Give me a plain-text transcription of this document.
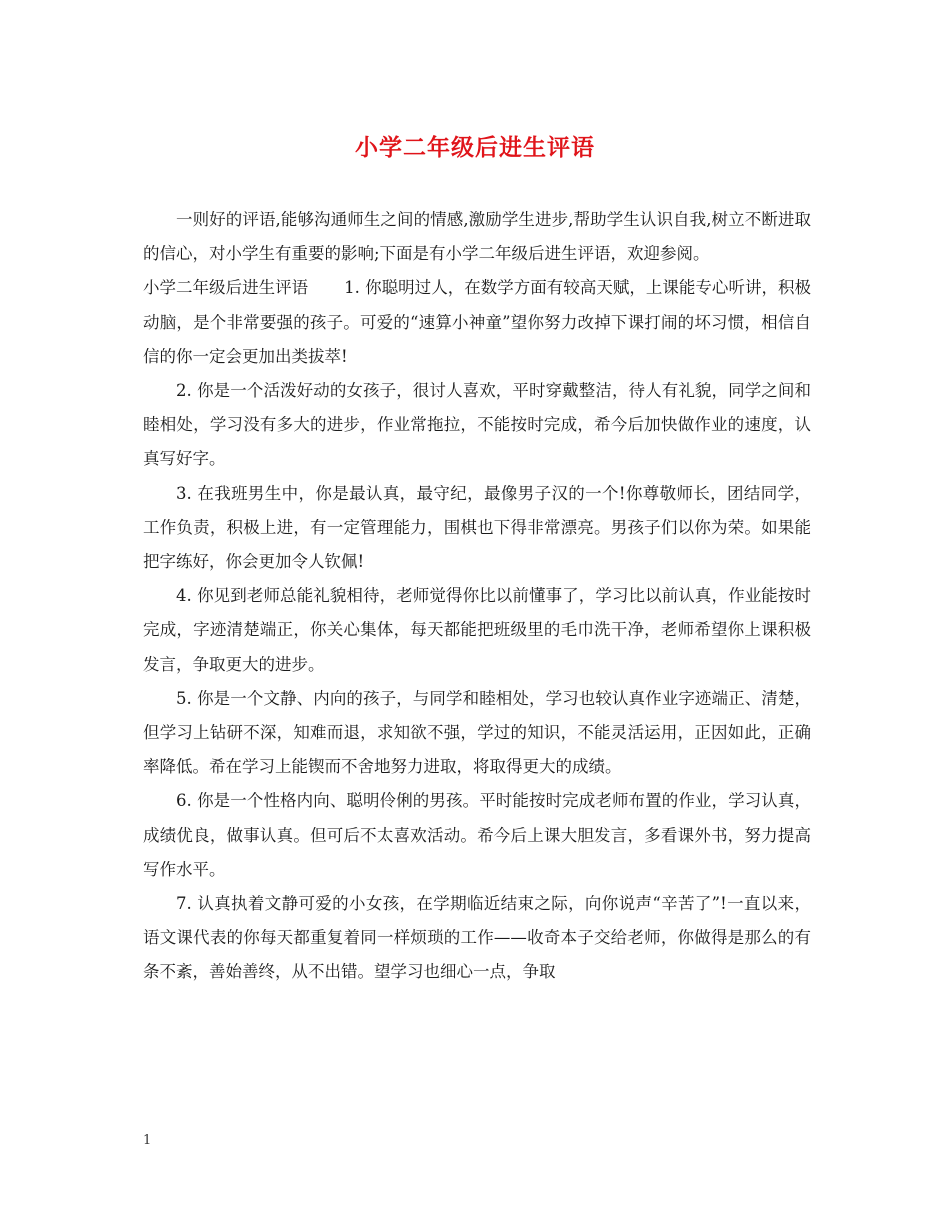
小学二年级后进生评语

一则好的评语,能够沟通师生之间的情感,激励学生进步,帮助学生认识自我,树立不断进取的信心，对小学生有重要的影响;下面是有小学二年级后进生评语，欢迎参阅。

小学二年级后进生评语 1. 你聪明过人，在数学方面有较高天赋，上课能专心听讲，积极动脑，是个非常要强的孩子。可爱的“速算小神童”望你努力改掉下课打闹的坏习惯，相信自信的你一定会更加出类拔萃!

2. 你是一个活泼好动的女孩子，很讨人喜欢，平时穿戴整洁，待人有礼貌，同学之间和睦相处，学习没有多大的进步，作业常拖拉，不能按时完成，希今后加快做作业的速度，认真写好字。

3. 在我班男生中，你是最认真，最守纪，最像男子汉的一个!你尊敬师长，团结同学，工作负责，积极上进，有一定管理能力，围棋也下得非常漂亮。男孩子们以你为荣。如果能把字练好，你会更加令人钦佩!

4. 你见到老师总能礼貌相待，老师觉得你比以前懂事了，学习比以前认真，作业能按时完成，字迹清楚端正，你关心集体，每天都能把班级里的毛巾洗干净，老师希望你上课积极发言，争取更大的进步。

5. 你是一个文静、内向的孩子，与同学和睦相处，学习也较认真作业字迹端正、清楚，但学习上钻研不深，知难而退，求知欲不强，学过的知识，不能灵活运用，正因如此，正确率降低。希在学习上能锲而不舍地努力进取，将取得更大的成绩。

6. 你是一个性格内向、聪明伶俐的男孩。平时能按时完成老师布置的作业，学习认真，成绩优良，做事认真。但可后不太喜欢活动。希今后上课大胆发言，多看课外书，努力提高写作水平。

7. 认真执着文静可爱的小女孩，在学期临近结束之际，向你说声“辛苦了”!一直以来，语文课代表的你每天都重复着同一样烦琐的工作——收奇本子交给老师，你做得是那么的有条不紊，善始善终，从不出错。望学习也细心一点，争取

1
